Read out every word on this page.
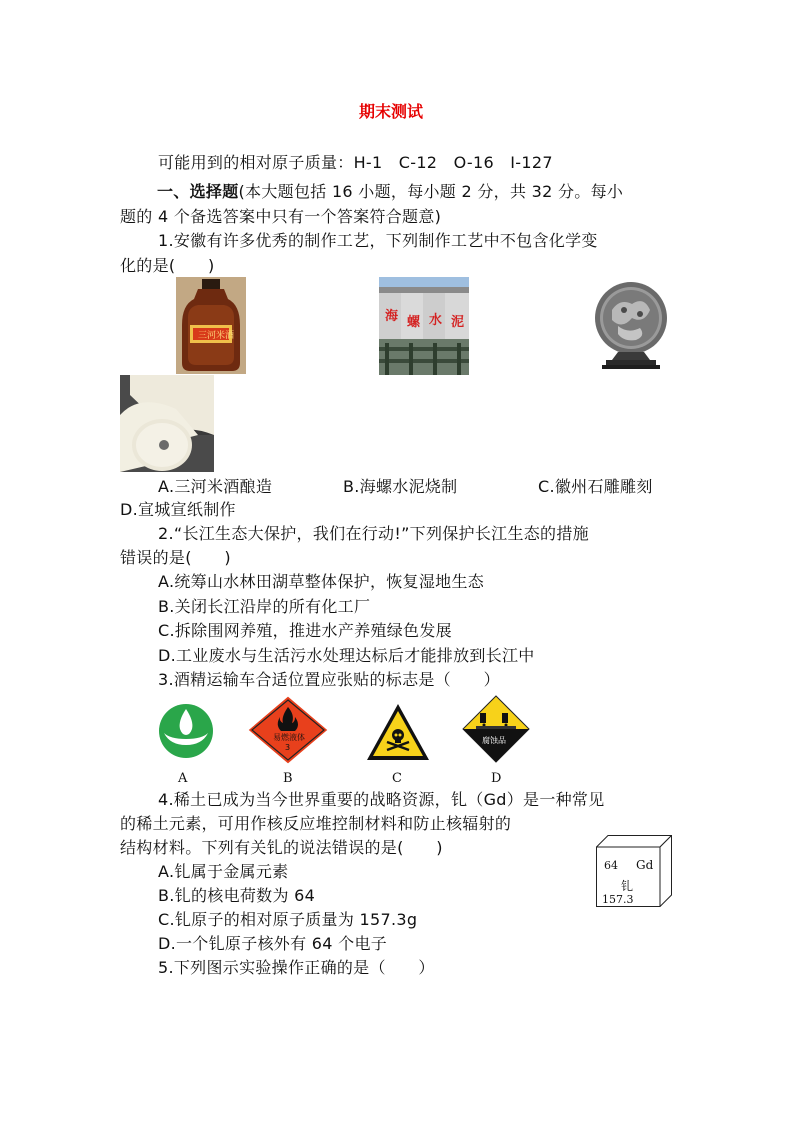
期末测试
可能用到的相对原子质量：H-1　C-12　O-16　I-127
一、选择题(本大题包括 16 小题，每小题 2 分，共 32 分。每小
题的 4 个备选答案中只有一个答案符合题意)
1.安徽有许多优秀的制作工艺，下列制作工艺中不包含化学变
化的是(　　)
三河米酒
海 螺 水 泥
A.三河米酒酿造	B.海螺水泥烧制	C.徽州石雕雕刻
D.宣城宣纸制作
2.“长江生态大保护，我们在行动!”下列保护长江生态的措施
错误的是(　　)
A.统筹山水林田湖草整体保护，恢复湿地生态
B.关闭长江沿岸的所有化工厂
C.拆除围网养殖，推进水产养殖绿色发展
D.工业废水与生活污水处理达标后才能排放到长江中
3.酒精运输车合适位置应张贴的标志是（　　）
易燃液体
3
腐蚀品
A	B	C	D
4.稀土已成为当今世界重要的战略资源，钆（Gd）是一种常见
的稀土元素，可用作核反应堆控制材料和防止核辐射的
结构材料。下列有关钆的说法错误的是(　　)
A.钆属于金属元素
B.钆的核电荷数为 64
C.钆原子的相对原子质量为 157.3g
D.一个钆原子核外有 64 个电子
64 Gd
钆
157.3
5.下列图示实验操作正确的是（　　）
